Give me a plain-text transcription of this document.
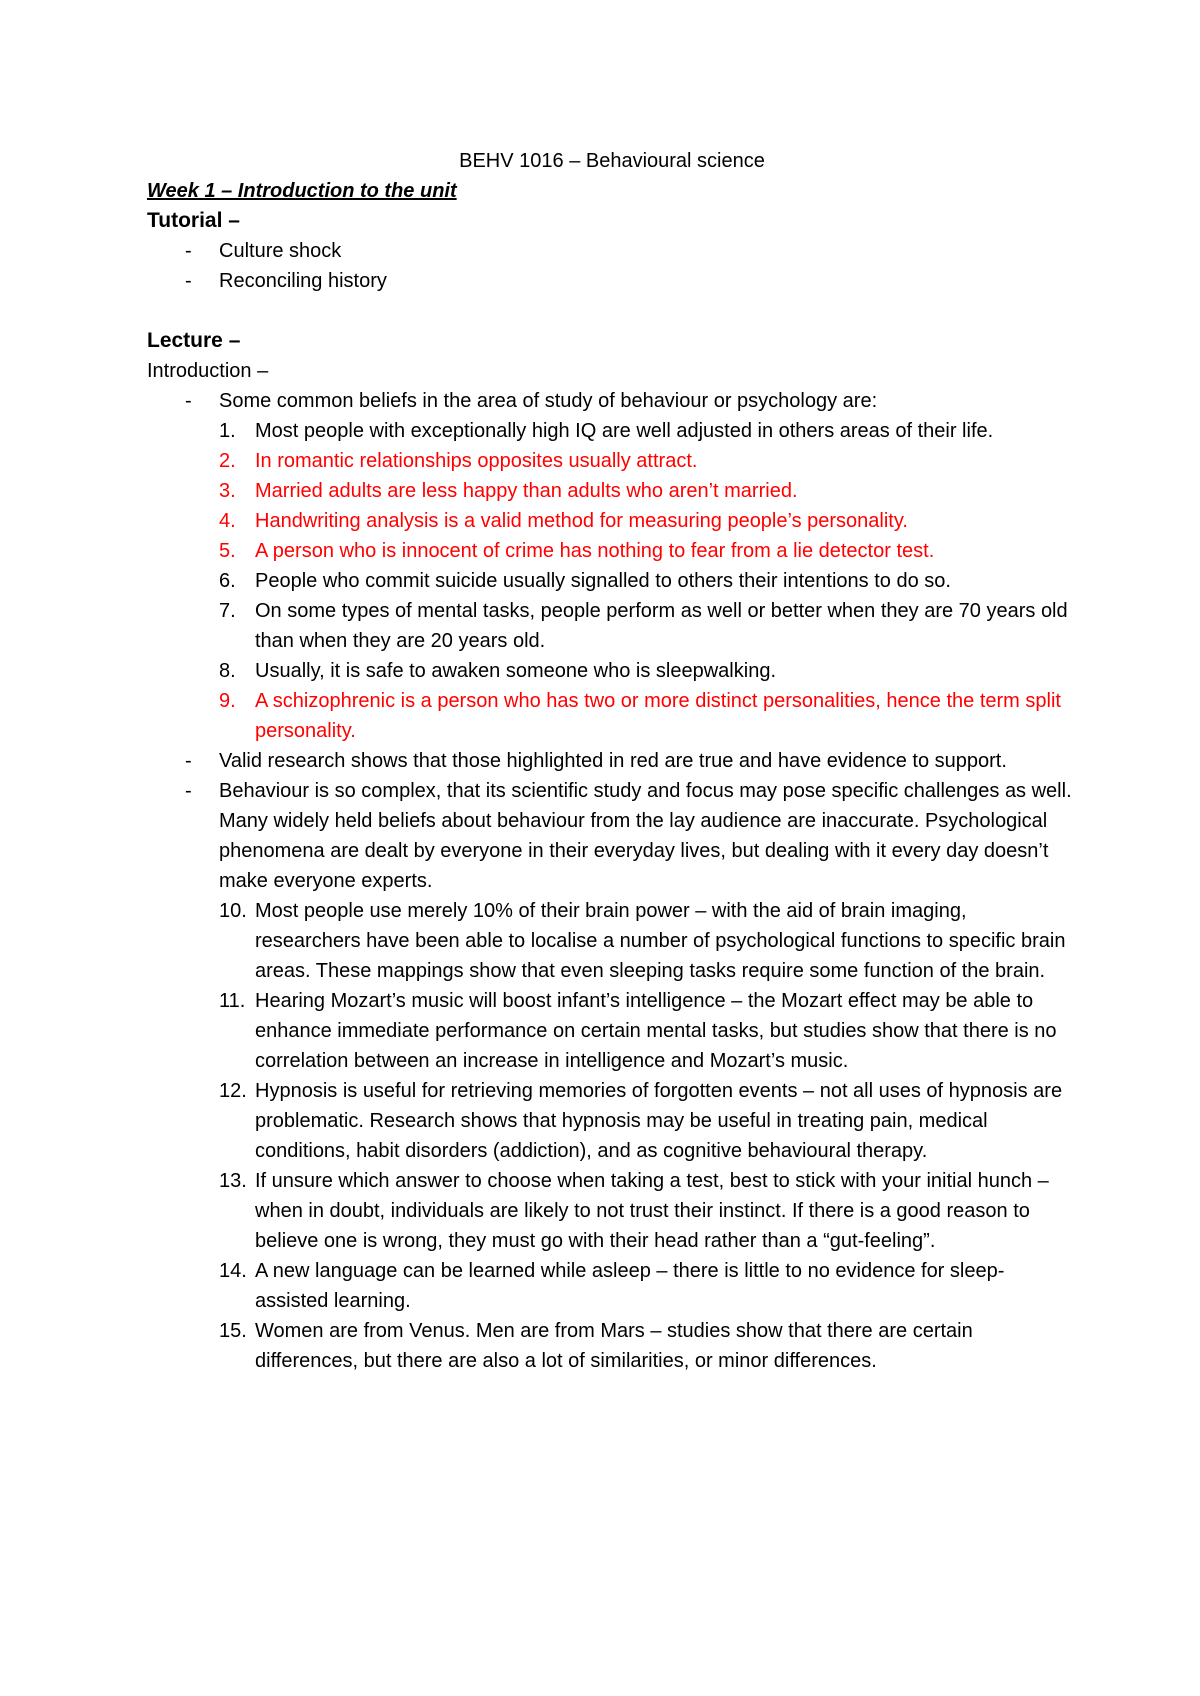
BEHV 1016 – Behavioural science
Week 1 – Introduction to the unit
Tutorial –
- Culture shock
- Reconciling history
Lecture –
Introduction –
- Some common beliefs in the area of study of behaviour or psychology are:
1. Most people with exceptionally high IQ are well adjusted in others areas of their life.
2. In romantic relationships opposites usually attract.
3. Married adults are less happy than adults who aren’t married.
4. Handwriting analysis is a valid method for measuring people’s personality.
5. A person who is innocent of crime has nothing to fear from a lie detector test.
6. People who commit suicide usually signalled to others their intentions to do so.
7. On some types of mental tasks, people perform as well or better when they are 70 years old than when they are 20 years old.
8. Usually, it is safe to awaken someone who is sleepwalking.
9. A schizophrenic is a person who has two or more distinct personalities, hence the term split personality.
- Valid research shows that those highlighted in red are true and have evidence to support.
- Behaviour is so complex, that its scientific study and focus may pose specific challenges as well. Many widely held beliefs about behaviour from the lay audience are inaccurate. Psychological phenomena are dealt by everyone in their everyday lives, but dealing with it every day doesn’t make everyone experts.
10. Most people use merely 10% of their brain power – with the aid of brain imaging, researchers have been able to localise a number of psychological functions to specific brain areas. These mappings show that even sleeping tasks require some function of the brain.
11. Hearing Mozart’s music will boost infant’s intelligence – the Mozart effect may be able to enhance immediate performance on certain mental tasks, but studies show that there is no correlation between an increase in intelligence and Mozart’s music.
12. Hypnosis is useful for retrieving memories of forgotten events – not all uses of hypnosis are problematic. Research shows that hypnosis may be useful in treating pain, medical conditions, habit disorders (addiction), and as cognitive behavioural therapy.
13. If unsure which answer to choose when taking a test, best to stick with your initial hunch – when in doubt, individuals are likely to not trust their instinct. If there is a good reason to believe one is wrong, they must go with their head rather than a “gut-feeling”.
14. A new language can be learned while asleep – there is little to no evidence for sleep-assisted learning.
15. Women are from Venus. Men are from Mars – studies show that there are certain differences, but there are also a lot of similarities, or minor differences.
